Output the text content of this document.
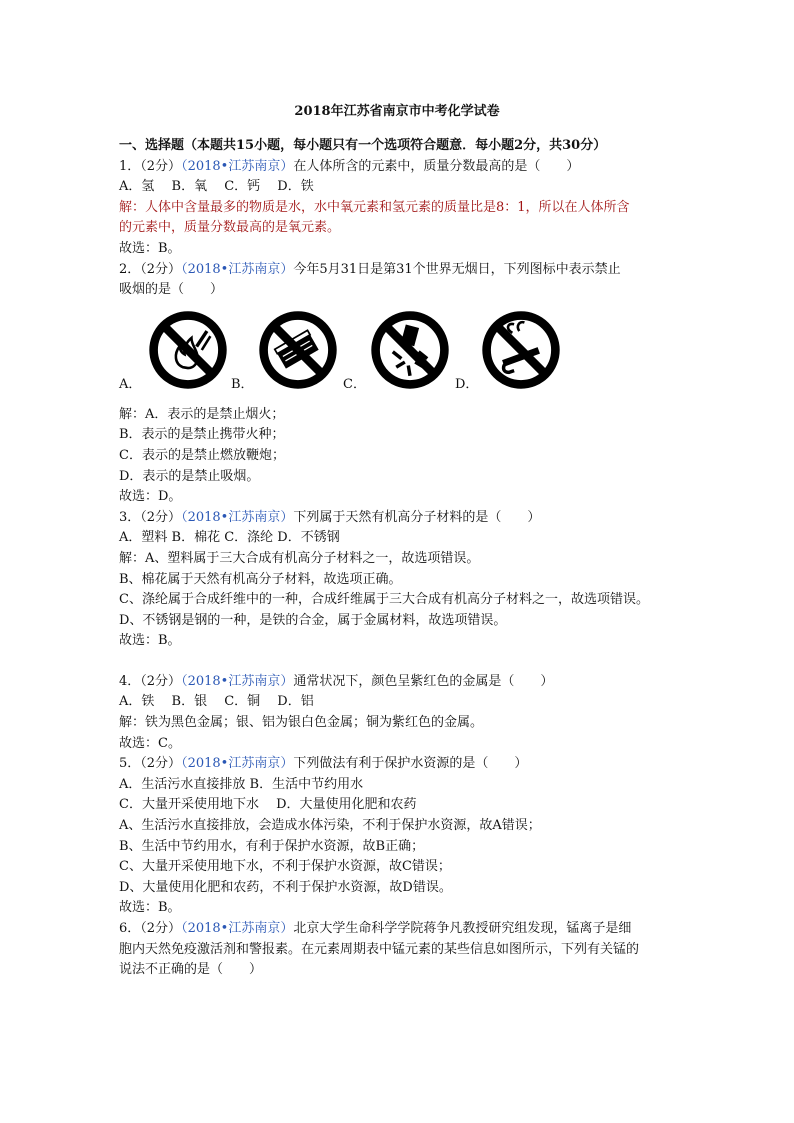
2018年江苏省南京市中考化学试卷
一、选择题（本题共15小题，每小题只有一个选项符合题意．每小题2分，共30分）
1．（2分）（2018•江苏南京）在人体所含的元素中，质量分数最高的是（　　）
A．氢　 B．氧　 C．钙　 D．铁
解：人体中含量最多的物质是水，水中氧元素和氢元素的质量比是8：1，所以在人体所含
的元素中，质量分数最高的是氧元素。
故选：B。
2．（2分）（2018•江苏南京）今年5月31日是第31个世界无烟日，下列图标中表示禁止
吸烟的是（　　）
A．	B．	C．	D．
解：A．表示的是禁止烟火；
B．表示的是禁止携带火种；
C．表示的是禁止燃放鞭炮；
D．表示的是禁止吸烟。
故选：D。
3．（2分）（2018•江苏南京）下列属于天然有机高分子材料的是（　　）
A．塑料 B．棉花 C．涤纶 D．不锈钢
解：A、塑料属于三大合成有机高分子材料之一，故选项错误。
B、棉花属于天然有机高分子材料，故选项正确。
C、涤纶属于合成纤维中的一种，合成纤维属于三大合成有机高分子材料之一，故选项错误。
D、不锈钢是钢的一种，是铁的合金，属于金属材料，故选项错误。
故选：B。
4．（2分）（2018•江苏南京）通常状况下，颜色呈紫红色的金属是（　　）
A．铁　 B．银　 C．铜　 D．铝
解：铁为黑色金属；银、铝为银白色金属；铜为紫红色的金属。
故选：C。
5．（2分）（2018•江苏南京）下列做法有利于保护水资源的是（　　）
A．生活污水直接排放 B．生活中节约用水
C．大量开采使用地下水　 D．大量使用化肥和农药
A、生活污水直接排放，会造成水体污染，不利于保护水资源，故A错误；
B、生活中节约用水，有利于保护水资源，故B正确；
C、大量开采使用地下水，不利于保护水资源，故C错误；
D、大量使用化肥和农药，不利于保护水资源，故D错误。
故选：B。
6．（2分）（2018•江苏南京）北京大学生命科学学院蒋争凡教授研究组发现，锰离子是细
胞内天然免疫激活剂和警报素。在元素周期表中锰元素的某些信息如图所示，下列有关锰的
说法不正确的是（　　）
